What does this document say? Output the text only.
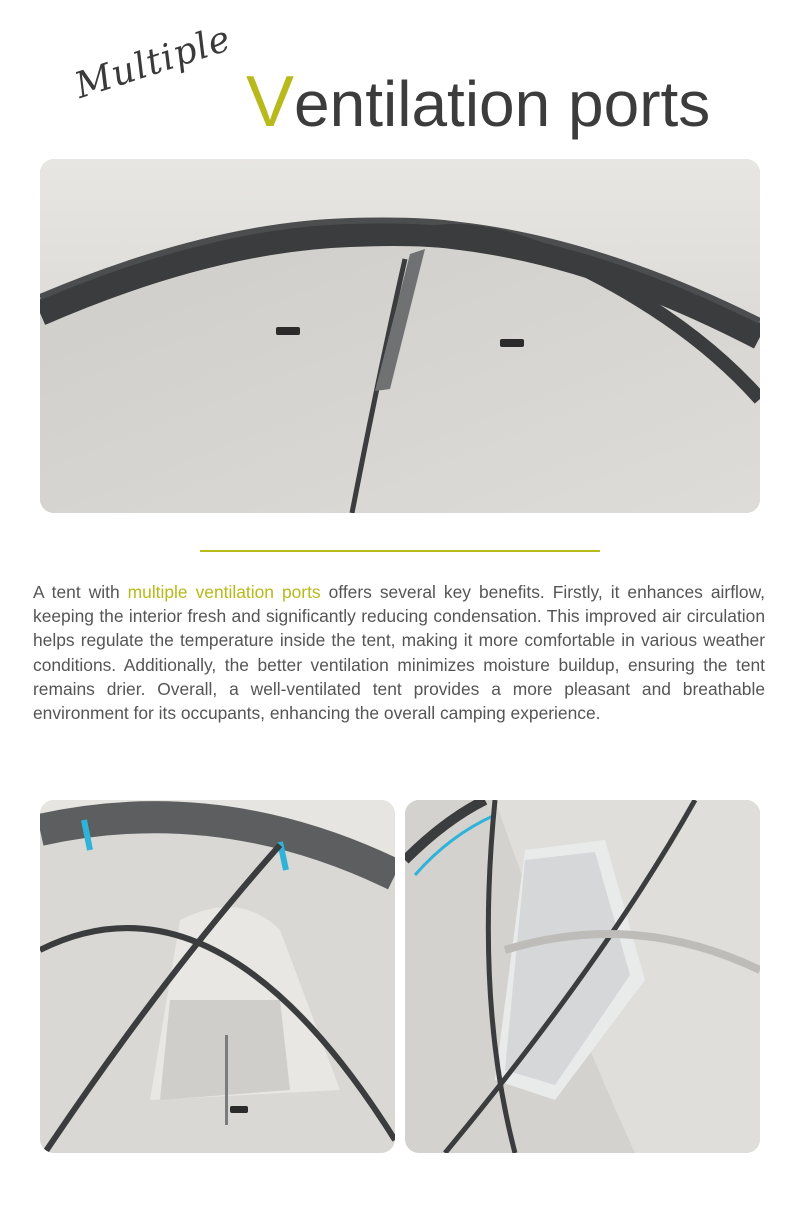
Multiple Ventilation ports

A tent with multiple ventilation ports offers several key benefits. Firstly, it enhances airflow, keeping the interior fresh and significantly reducing condensation. This improved air circulation helps regulate the temperature inside the tent, making it more comfortable in various weather conditions. Additionally, the better ventilation minimizes moisture buildup, ensuring the tent remains drier. Overall, a well-ventilated tent provides a more pleasant and breathable environment for its occupants, enhancing the overall camping experience.
